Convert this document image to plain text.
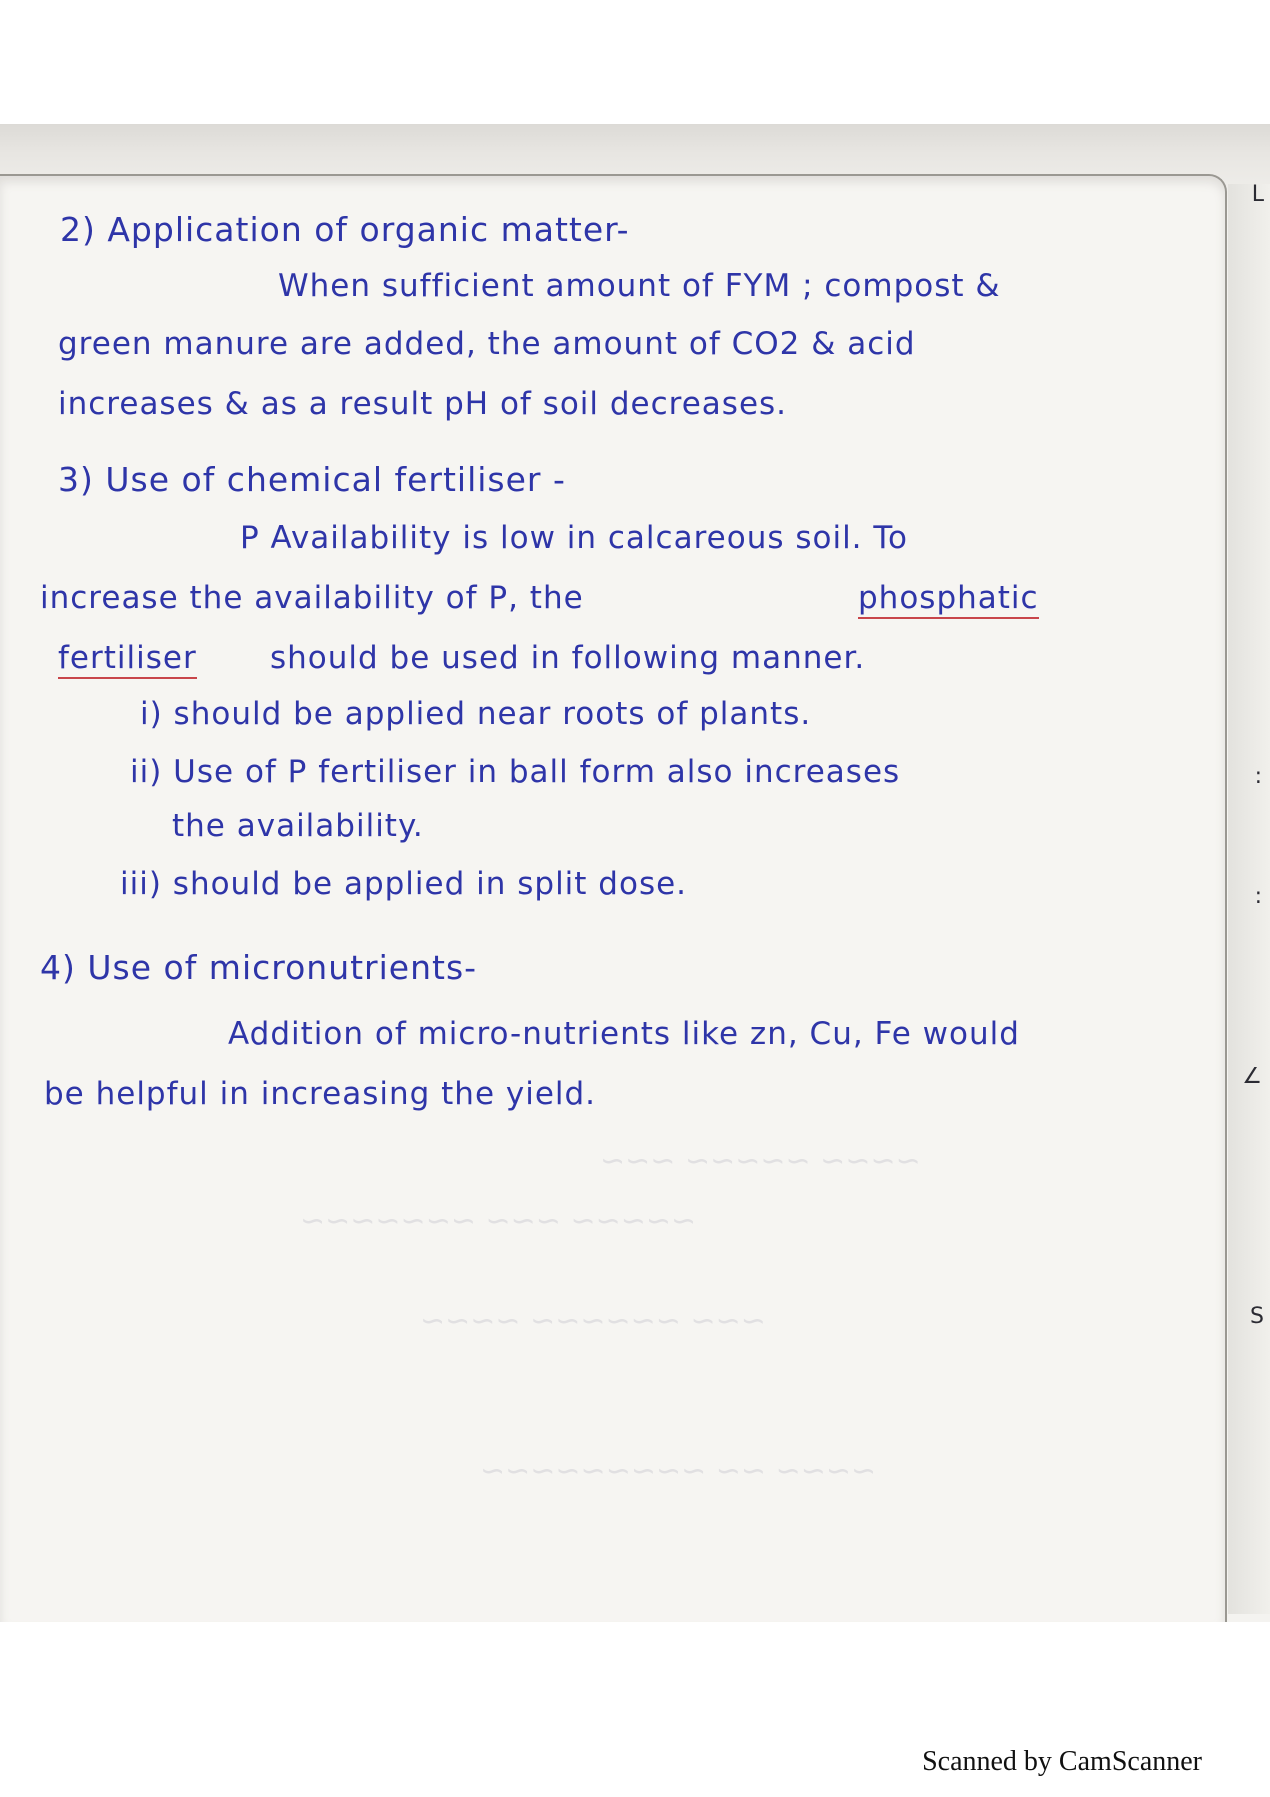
~~~~ ~~~~~ ~~~
~~~~~ ~~~ ~~~~~~~
~~~ ~~~~~~ ~~~~
~~~~ ~~ ~~~~~~~~~
L
:
:
∠
S
2) Application of organic matter-
When sufficient amount of FYM ; compost &
green manure are added, the amount of CO2 & acid
increases & as a result pH of soil decreases.
3) Use of chemical fertiliser -
P Availability is low in calcareous soil. To
increase the availability of P, the	phosphatic
fertiliser should be used in following manner.
i) should be applied near roots of plants.
ii) Use of P fertiliser in ball form also increases
the availability.
iii) should be applied in split dose.
4) Use of micronutrients-
Addition of micro-nutrients like zn, Cu, Fe would
be helpful in increasing the yield.
Scanned by CamScanner
